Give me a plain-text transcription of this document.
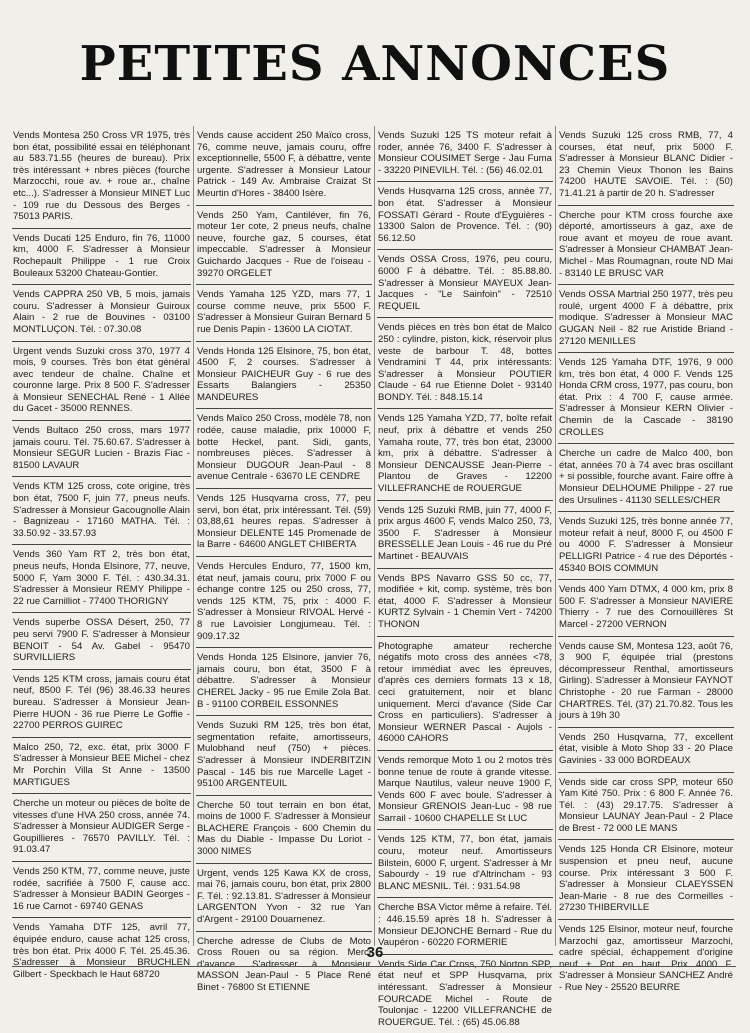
PETITES ANNONCES
Vends Montesa 250 Cross VR 1975, très bon état, possibilité essai en téléphonant au 583.71.55 (heures de bureau). Prix très intéressant + nbres pièces (fourche Marzocchi, roue av. + roue ar., chaîne etc...). S'adresser à Monsieur MINET Luc - 109 rue du Dessous des Berges - 75013 PARIS.
Vends Ducati 125 Enduro, fin 76, 11000 km, 4000 F. S'adresser à Monsieur Rochepault Philippe - 1 rue Croix Bouleaux 53200 Chateau-Gontier.
Vends CAPPRA 250 VB, 5 mois, jamais couru. S'adresser à Monsieur Guiroux Alain - 2 rue de Bouvines - 03100 MONTLUÇON. Tél. : 07.30.08
Urgent vends Suzuki cross 370, 1977 4 mois, 9 courses. Très bon état général avec tendeur de chaîne. Chaîne et couronne large. Prix 8 500 F. S'adresser à Monsieur SENECHAL René - 1 Allée du Gacet - 35000 RENNES.
Vends Bultaco 250 cross, mars 1977 jamais couru. Tél. 75.60.67. S'adresser à Monsieur SEGUR Lucien - Brazis Fiac - 81500 LAVAUR
Vends KTM 125 cross, cote origine, très bon état, 7500 F, juin 77, pneus neufs. S'adresser à Monsieur Gacougnolle Alain - Bagnizeau - 17160 MATHA. Tél. : 33.50.92 - 33.57.93
Vends 360 Yam RT 2, très bon état, pneus neufs, Honda Elsinore, 77, neuve, 5000 F, Yam 3000 F. Tél. : 430.34.31. S'adresser à Monsieur REMY Philippe - 22 rue Carnilliot - 77400 THORIGNY
Vends superbe OSSA Désert, 250, 77 peu servi 7900 F. S'adresser à Monsieur BENOIT - 54 Av. Gabel - 95470 SURVILLIERS
Vends 125 KTM cross, jamais couru état neuf, 8500 F. Tél (96) 38.46.33 heures bureau. S'adresser à Monsieur Jean-Pierre HUON - 36 rue Pierre Le Goffie - 22700 PERROS GUIREC
Malco 250, 72, exc. état, prix 3000 F S'adresser à Monsieur BEE Michel - chez Mr Porchin Villa St Anne - 13500 MARTIGUES
Cherche un moteur ou pièces de boîte de vitesses d'une HVA 250 cross, année 74. S'adresser à Monsieur AUDIGER Serge - Goupillieres - 76570 PAVILLY. Tél. : 91.03.47
Vends 250 KTM, 77, comme neuve, juste rodée, sacrifiée à 7500 F, cause acc. S'adresser à Monsieur BADIN Georges - 16 rue Carnot - 69740 GENAS
Vends Yamaha DTF 125, avril 77, équipée enduro, cause achat 125 cross, très bon état. Prix 4000 F. Tél. 25.45.36. S'adresser à Monsieur BRUCHLEN Gilbert - Speckbach le Haut 68720
Vends cause accident 250 Maïco cross, 76, comme neuve, jamais couru, offre exceptionnelle, 5500 F, à débattre, vente urgente. S'adresser à Monsieur Latour Patrick - 149 Av. Ambraise Craizat St Meurtin d'Hores - 38400 Isère.
Vends 250 Yam, Cantiléver, fin 76, moteur 1er cote, 2 pneus neufs, chaîne neuve, fourche gaz, 5 courses, état impeccable. S'adresser à Monsieur Guichardo Jacques - Rue de l'oiseau - 39270 ORGELET
Vends Yamaha 125 YZD, mars 77, 1 course comme neuve, prix 5500 F. S'adresser à Monsieur Guiran Bernard 5 rue Denis Papin - 13600 LA CIOTAT.
Vends Honda 125 Elsinore, 75, bon état, 4500 F, 2 courses. S'adresser à Monsieur PAICHEUR Guy - 6 rue des Essarts Balangiers - 25350 MANDEURES
Vends Maïco 250 Cross, modèle 78, non rodée, cause maladie, prix 10000 F, botte Heckel, pant. Sidi, gants, nombreuses pièces. S'adresser à Monsieur DUGOUR Jean-Paul - 8 avenue Centrale - 63670 LE CENDRE
Vends 125 Husqvarna cross, 77, peu servi, bon état, prix intéressant. Tél. (59) 03,88,61 heures repas. S'adresser à Monsieur DELENTE 145 Promenade de la Barre - 64600 ANGLET CHIBERTA
Vends Hercules Enduro, 77, 1500 km, état neuf, jamais couru, prix 7000 F ou échange contre 125 ou 250 cross, 77, vends 125 KTM, 75, prix : 4000 F. S'adresser à Monsieur RIVOAL Hervé - 8 rue Lavoisier Longjumeau. Tél. : 909.17.32
Vends Honda 125 Elsinore, janvier 76, jamais couru, bon état, 3500 F à débattre. S'adresser à Monsieur CHEREL Jacky - 95 rue Emile Zola Bat. B - 91100 CORBEIL ESSONNES
Vends Suzuki RM 125, très bon état, segmentation refaite, amortisseurs, Mulobhand neuf (750) + pièces. S'adresser à Monsieur INDERBITZIN Pascal - 145 bis rue Marcelle Laget - 95100 ARGENTEUIL
Cherche 50 tout terrain en bon état, moins de 1000 F. S'adresser à Monsieur BLACHERE François - 600 Chemin du Mas du Diable - Impasse Du Loriot - 3000 NIMES
Urgent, vends 125 Kawa KX de cross, mai 76, jamais couru, bon état, prix 2800 F. Tél. : 92.13.81. S'adresser à Monsieur LARGENTON Yvon - 32 rue Yan d'Argent - 29100 Douarnenez.
Cherche adresse de Clubs de Moto Cross Rouen ou sa région. Merci d'avance. S'adresser à Monsieur MASSON Jean-Paul - 5 Place René Binet - 76800 St ETIENNE
Vends Suzuki 125 TS moteur refait à roder, année 76, 3400 F. S'adresser à Monsieur COUSIMET Serge - Jau Fuma - 33220 PINEVILH. Tél. : (56) 46.02.01
Vends Husqvarna 125 cross, année 77, bon état. S'adresser à Monsieur FOSSATI Gérard - Route d'Eyguières - 13300 Salon de Provence. Tél. : (90) 56.12.50
Vends OSSA Cross, 1976, peu couru, 6000 F à débattre. Tél. : 85.88.80. S'adresser à Monsieur MAYEUX Jean-Jacques - "Le Sainfoin" - 72510 REQUEIL
Vends pièces en très bon état de Malco 250 : cylindre, piston, kick, réservoir plus veste de barbour T. 48, bottes Vendramini T 44, prix intéressants: S'adresser à Monsieur POUTIER Claude - 64 rue Etienne Dolet - 93140 BONDY. Tél. : 848.15.14
Vends 125 Yamaha YZD, 77, boîte refait neuf, prix à débattre et vends 250 Yamaha route, 77, très bon état, 23000 km, prix à débattre. S'adresser à Monsieur DENCAUSSE Jean-Pierre - Plantou de Graves - 12200 VILLEFRANCHE de ROUERGUE
Vends 125 Suzuki RMB, juin 77, 4000 F, prix argus 4600 F, vends Malco 250, 73, 3500 F. S'adresser à Monsieur BRESSELLE Jean Louis - 46 rue du Pré Martinet - BEAUVAIS
Vends BPS Navarro GSS 50 cc, 77, modifiée + kit, comp. système, très bon état, 4000 F. S'adresser à Monsieur KURTZ Sylvain - 1 Chemin Vert - 74200 THONON
Photographe amateur recherche négatifs moto cross des années <78, retour immédiat avec les épreuves, d'après ces derniers formats 13 x 18, ceci gratuitement, noir et blanc uniquement. Merci d'avance (Side Car Cross en particuliers). S'adresser à Monsieur WERNER Pascal - Aujols - 46000 CAHORS
Vends remorque Moto 1 ou 2 motos très bonne tenue de route à grande vitesse. Marque Nautilus, valeur neuve 1900 F, Vends 600 F avec boule. S'adresser à Monsieur GRENOIS Jean-Luc - 98 rue Sarrail - 10600 CHAPELLE St LUC
Vends 125 KTM, 77, bon état, jamais couru, moteur neuf. Amortisseurs Bilstein, 6000 F, urgent. S'adresser à Mr Sabourdy - 19 rue d'Altrincham - 93 BLANC MESNIL. Tél. : 931.54.98
Cherche BSA Victor même à refaire. Tél. : 446.15.59 après 18 h. S'adresser à Monsieur DEJONCHE Bernard - Rue du Vaupéron - 60220 FORMERIE
Vends Side Car Cross, 750 Norton SPP, état neuf et SPP Husqvarna, prix intéressant. S'adresser à Monsieur FOURCADE Michel - Route de Toulonjac - 12200 VILLEFRANCHE de ROUERGUE. Tél. : (65) 45.06.88
Vends Suzuki 125 cross RMB, 77, 4 courses, état neuf, prix 5000 F. S'adresser à Monsieur BLANC Didier - 23 Chemin Vieux Thonon les Bains 74200 HAUTE SAVOIE. Tél. : (50) 71.41.21 à partir de 20 h. S'adresser
Cherche pour KTM cross fourche axe déporté, amortisseurs à gaz, axe de roue avant et moyeu de roue avant. S'adresser à Monsieur CHAMBAT Jean-Michel - Mas Roumagnan, route ND Mai - 83140 LE BRUSC VAR
Vends OSSA Martrial 250 1977, très peu roulé, urgent 4000 F à débattre, prix modique. S'adresser à Monsieur MAC GUGAN Neil - 82 rue Aristide Briand - 27120 MENILLES
Vends 125 Yamaha DTF, 1976, 9 000 km, très bon état, 4 000 F. Vends 125 Honda CRM cross, 1977, pas couru, bon état. Prix : 4 700 F, cause armée. S'adresser à Monsieur KERN Olivier - Chemin de la Cascade - 38190 CROLLES
Cherche un cadre de Malco 400, bon état, années 70 à 74 avec bras oscillant + si possible, fourche avant. Faire offre à Monsieur DELHOUME Philippe - 27 rue des Ursulines - 41130 SELLES/CHER
Vends Suzuki 125, très bonne année 77, moteur refait à neuf, 8000 F, ou 4500 F ou 4000 F. S'adresser à Monsieur PELLIGRI Patrice - 4 rue des Déportés - 45340 BOIS COMMUN
Vends 400 Yam DTMX, 4 000 km, prix 8 500 F. S'adresser à Monsieur NAVIERE Thierry - 7 rue des Cornouillères St Marcel - 27200 VERNON
Vends cause SM, Montesa 123, août 76, 3 900 F, équipée trial (prestons décompresseur Renthal, amortisseurs Girling). S'adresser à Monsieur FAYNOT Christophe - 20 rue Farman - 28000 CHARTRES. Tél. (37) 21.70.82. Tous les jours à 19h 30
Vends 250 Husqvarna, 77, excellent état, visible à Moto Shop 33 - 20 Place Gavinies - 33 000 BORDEAUX
Vends side car cross SPP, moteur 650 Yam Kité 750. Prix : 6 800 F. Année 76. Tél. : (43) 29.17.75. S'adresser à Monsieur LAUNAY Jean-Paul - 2 Place de Brest - 72 000 LE MANS
Vends 125 Honda CR Elsinore, moteur suspension et pneu neuf, aucune course. Prix intéressant 3 500 F. S'adresser à Monsieur CLAEYSSEN Jean-Marie - 8 rue des Cormeilles - 27230 THIBERVILLE
Vends 125 Elsinor, moteur neuf, fourche Marzochi gaz, amortisseur Marzochi, cadre spécial, échappement d'origine neuf + Pot en haut. Prix 4000 F. S'adresser à Monsieur SANCHEZ André - Rue Ney - 25520 BEURRE
36
